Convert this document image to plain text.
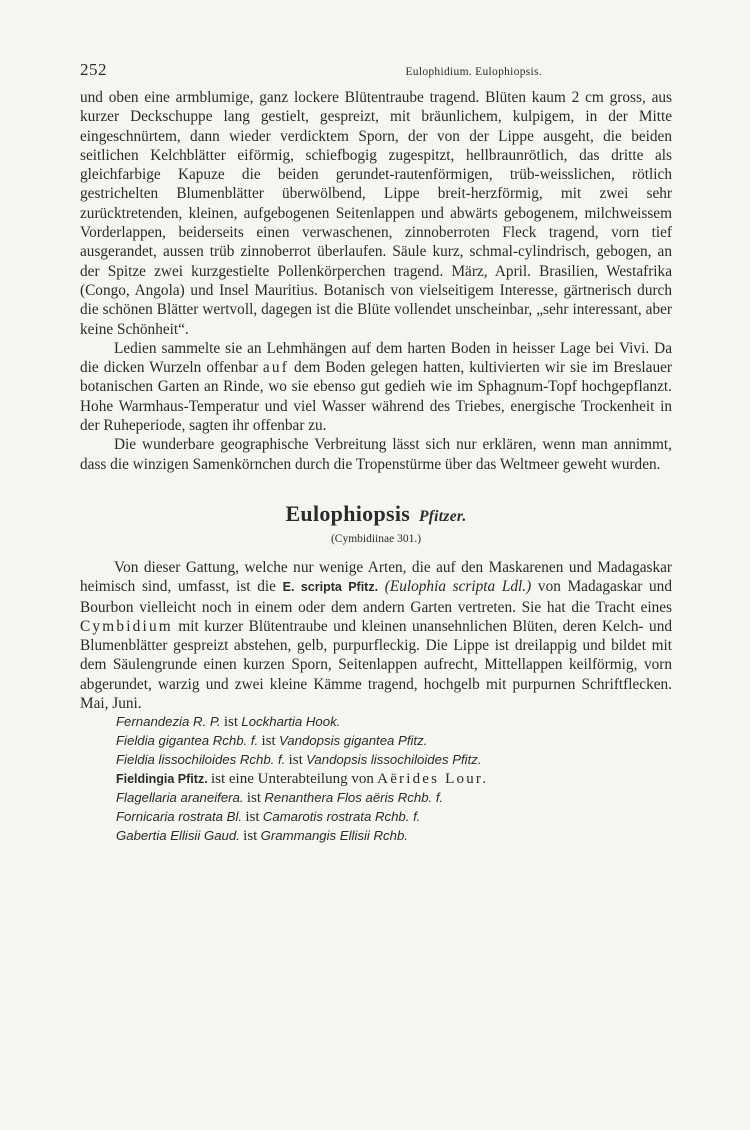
252	Eulophidium. Eulophiopsis.

und oben eine armblumige, ganz lockere Blütentraube tragend. Blüten kaum 2 cm gross, aus kurzer Deckschuppe lang gestielt, gespreizt, mit bräunlichem, kulpigem, in der Mitte eingeschnürtem, dann wieder verdicktem Sporn, der von der Lippe ausgeht, die beiden seitlichen Kelchblätter eiförmig, schiefbogig zugespitzt, hellbraunrötlich, das dritte als gleichfarbige Kapuze die beiden gerundet-rautenförmigen, trüb-weisslichen, rötlich gestrichelten Blumenblätter überwölbend, Lippe breit-herzförmig, mit zwei sehr zurücktretenden, kleinen, aufgebogenen Seitenlappen und abwärts gebogenem, milchweissem Vorderlappen, beiderseits einen verwaschenen, zinnoberroten Fleck tragend, vorn tief ausgerandet, aussen trüb zinnoberrot überlaufen. Säule kurz, schmal-cylindrisch, gebogen, an der Spitze zwei kurzgestielte Pollenkörperchen tragend. März, April. Brasilien, Westafrika (Congo, Angola) und Insel Mauritius. Botanisch von vielseitigem Interesse, gärtnerisch durch die schönen Blätter wertvoll, dagegen ist die Blüte vollendet unscheinbar, „sehr interessant, aber keine Schönheit“.

Ledien sammelte sie an Lehmhängen auf dem harten Boden in heisser Lage bei Vivi. Da die dicken Wurzeln offenbar auf dem Boden gelegen hatten, kultivierten wir sie im Breslauer botanischen Garten an Rinde, wo sie ebenso gut gedieh wie im Sphagnum-Topf hochgepflanzt. Hohe Warmhaus-Temperatur und viel Wasser während des Triebes, energische Trockenheit in der Ruheperiode, sagten ihr offenbar zu.

Die wunderbare geographische Verbreitung lässt sich nur erklären, wenn man annimmt, dass die winzigen Samenkörnchen durch die Tropenstürme über das Weltmeer geweht wurden.

Eulophiopsis Pfitzer.
(Cymbidiinae 301.)

Von dieser Gattung, welche nur wenige Arten, die auf den Maskarenen und Madagaskar heimisch sind, umfasst, ist die E. scripta Pfitz. (Eulophia scripta Ldl.) von Madagaskar und Bourbon vielleicht noch in einem oder dem andern Garten vertreten. Sie hat die Tracht eines Cymbidium mit kurzer Blütentraube und kleinen unansehnlichen Blüten, deren Kelch- und Blumenblätter gespreizt abstehen, gelb, purpurfleckig. Die Lippe ist dreilappig und bildet mit dem Säulengrunde einen kurzen Sporn, Seitenlappen aufrecht, Mittellappen keilförmig, vorn abgerundet, warzig und zwei kleine Kämme tragend, hochgelb mit purpurnen Schriftflecken. Mai, Juni.

Fernandezia R. P. ist Lockhartia Hook.
Fieldia gigantea Rchb. f. ist Vandopsis gigantea Pfitz.
Fieldia lissochiloides Rchb. f. ist Vandopsis lissochiloides Pfitz.
Fieldingia Pfitz. ist eine Unterabteilung von Aërides Lour.
Flagellaria araneifera. ist Renanthera Flos aëris Rchb. f.
Fornicaria rostrata Bl. ist Camarotis rostrata Rchb. f.
Gabertia Ellisii Gaud. ist Grammangis Ellisii Rchb.
